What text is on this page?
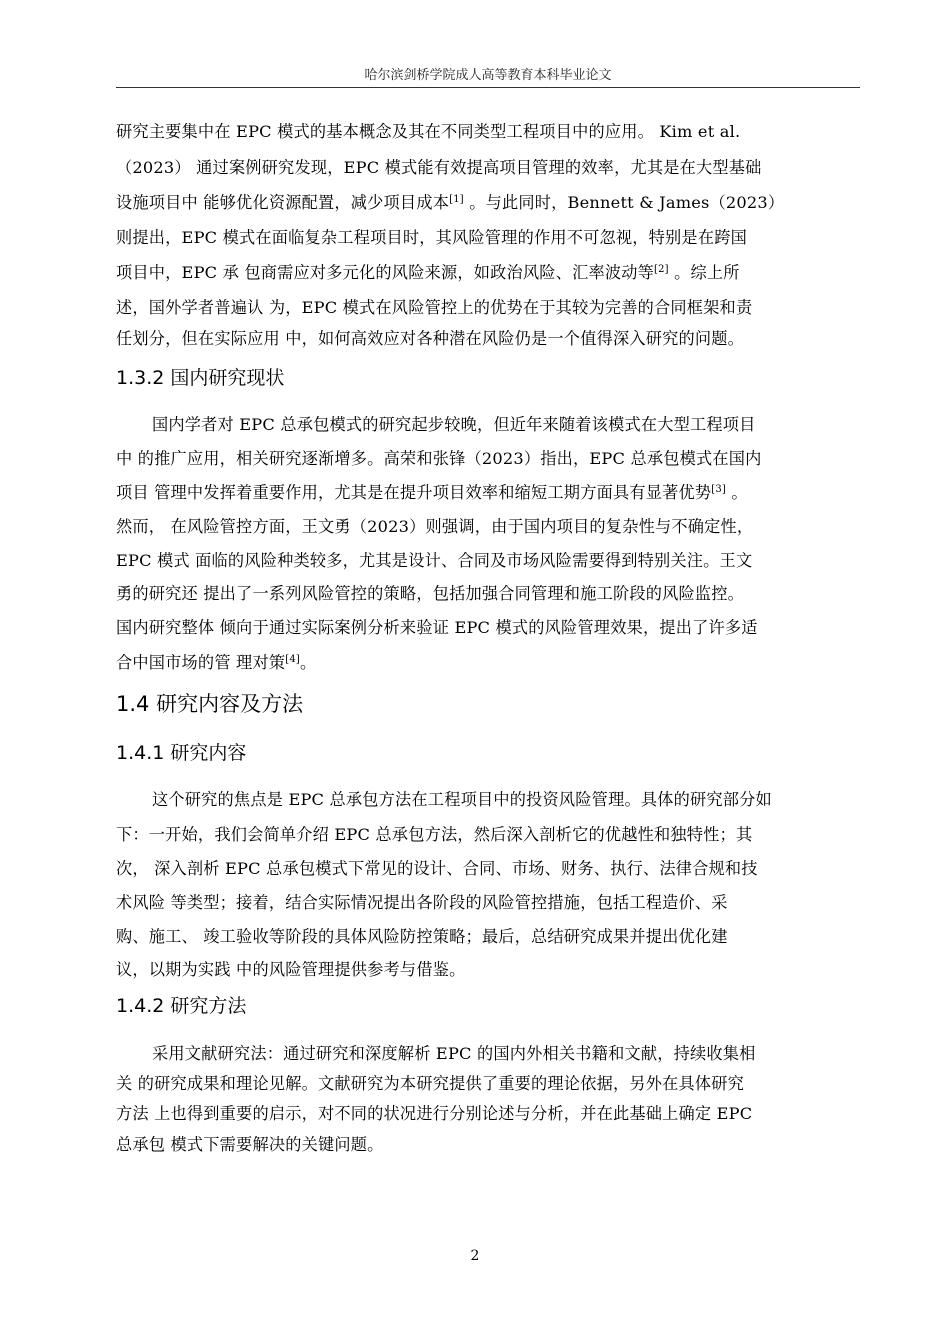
哈尔滨剑桥学院成人高等教育本科毕业论文
研究主要集中在 EPC 模式的基本概念及其在不同类型工程项目中的应用。 Kim et al.
（2023） 通过案例研究发现，EPC 模式能有效提高项目管理的效率，尤其是在大型基础
设施项目中 能够优化资源配置，减少项目成本[1] 。与此同时，Bennett & James（2023）
则提出，EPC 模式在面临复杂工程项目时，其风险管理的作用不可忽视，特别是在跨国
项目中，EPC 承 包商需应对多元化的风险来源，如政治风险、汇率波动等[2] 。综上所
述，国外学者普遍认 为，EPC 模式在风险管控上的优势在于其较为完善的合同框架和责
任划分，但在实际应用 中，如何高效应对各种潜在风险仍是一个值得深入研究的问题。
1.3.2 国内研究现状
国内学者对 EPC 总承包模式的研究起步较晚，但近年来随着该模式在大型工程项目
中 的推广应用，相关研究逐渐增多。高荣和张锋（2023）指出，EPC 总承包模式在国内
项目 管理中发挥着重要作用，尤其是在提升项目效率和缩短工期方面具有显著优势[3] 。
然而， 在风险管控方面，王文勇（2023）则强调，由于国内项目的复杂性与不确定性，
EPC 模式 面临的风险种类较多，尤其是设计、合同及市场风险需要得到特别关注。王文
勇的研究还 提出了一系列风险管控的策略，包括加强合同管理和施工阶段的风险监控。
国内研究整体 倾向于通过实际案例分析来验证 EPC 模式的风险管理效果，提出了许多适
合中国市场的管 理对策[4]。
1.4 研究内容及方法
1.4.1 研究内容
这个研究的焦点是 EPC 总承包方法在工程项目中的投资风险管理。具体的研究部分如
下：一开始，我们会简单介绍 EPC 总承包方法，然后深入剖析它的优越性和独特性；其
次， 深入剖析 EPC 总承包模式下常见的设计、合同、市场、财务、执行、法律合规和技
术风险 等类型；接着，结合实际情况提出各阶段的风险管控措施，包括工程造价、采
购、施工、 竣工验收等阶段的具体风险防控策略；最后，总结研究成果并提出优化建
议，以期为实践 中的风险管理提供参考与借鉴。
1.4.2 研究方法
采用文献研究法：通过研究和深度解析 EPC 的国内外相关书籍和文献，持续收集相
关 的研究成果和理论见解。文献研究为本研究提供了重要的理论依据，另外在具体研究
方法 上也得到重要的启示，对不同的状况进行分别论述与分析，并在此基础上确定 EPC
总承包 模式下需要解决的关键问题。
2
